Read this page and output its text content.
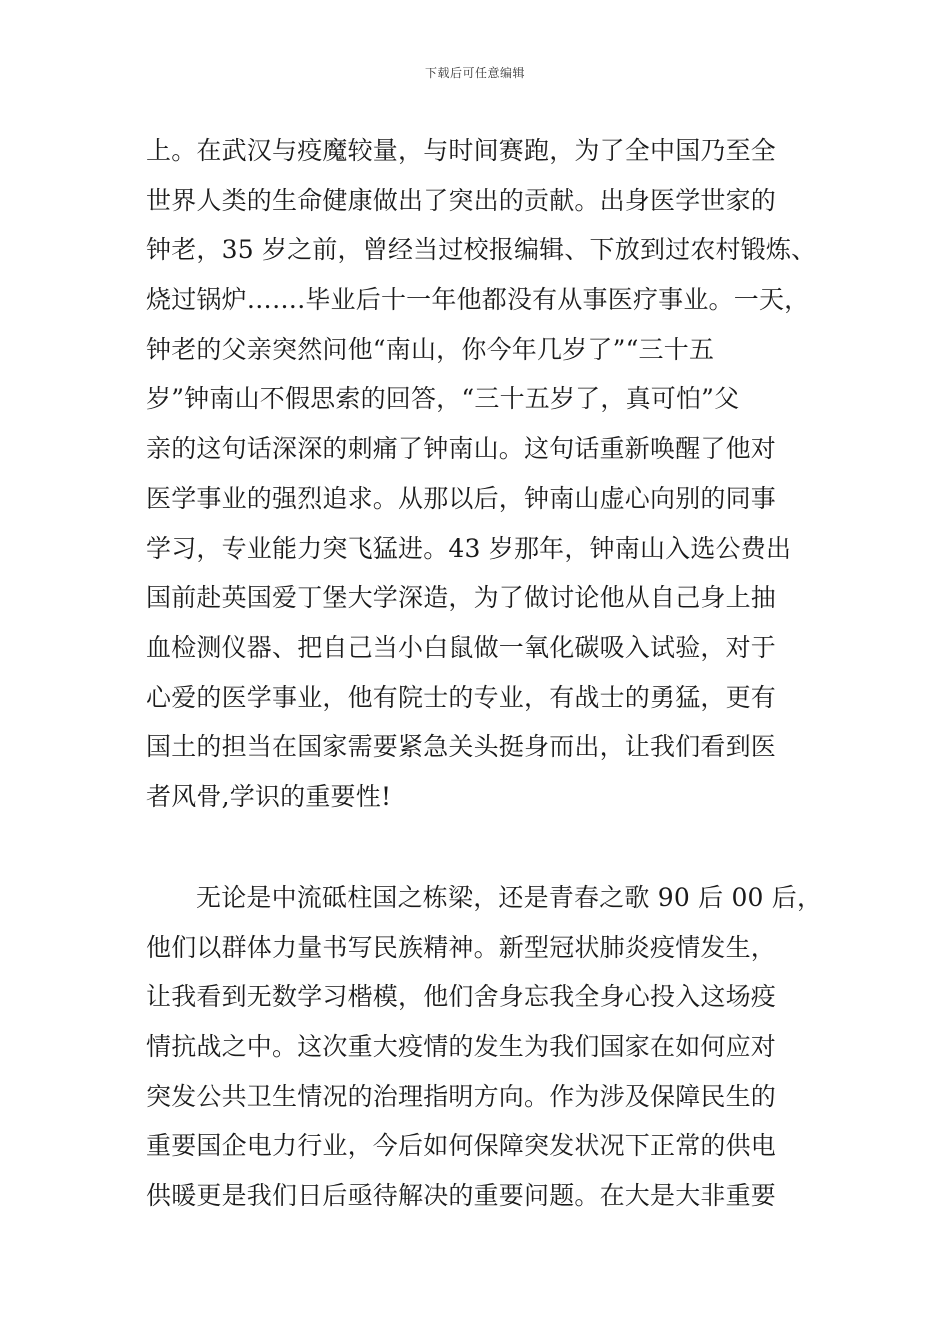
下载后可任意编辑
上。在武汉与疫魔较量，与时间赛跑，为了全中国乃至全
世界人类的生命健康做出了突出的贡献。出身医学世家的
钟老，35 岁之前，曾经当过校报编辑、下放到过农村锻炼、
烧过锅炉…….毕业后十一年他都没有从事医疗事业。一天，
钟老的父亲突然问他“南山，你今年几岁了”“三十五
岁”钟南山不假思索的回答，“三十五岁了，真可怕”父
亲的这句话深深的刺痛了钟南山。这句话重新唤醒了他对
医学事业的强烈追求。从那以后，钟南山虚心向别的同事
学习，专业能力突飞猛进。43 岁那年，钟南山入选公费出
国前赴英国爱丁堡大学深造，为了做讨论他从自己身上抽
血检测仪器、把自己当小白鼠做一氧化碳吸入试验，对于
心爱的医学事业，他有院士的专业，有战士的勇猛，更有
国土的担当在国家需要紧急关头挺身而出，让我们看到医
者风骨,学识的重要性!
无论是中流砥柱国之栋梁，还是青春之歌 90 后 00 后，
他们以群体力量书写民族精神。新型冠状肺炎疫情发生，
让我看到无数学习楷模，他们舍身忘我全身心投入这场疫
情抗战之中。这次重大疫情的发生为我们国家在如何应对
突发公共卫生情况的治理指明方向。作为涉及保障民生的
重要国企电力行业，今后如何保障突发状况下正常的供电
供暖更是我们日后亟待解决的重要问题。在大是大非重要
